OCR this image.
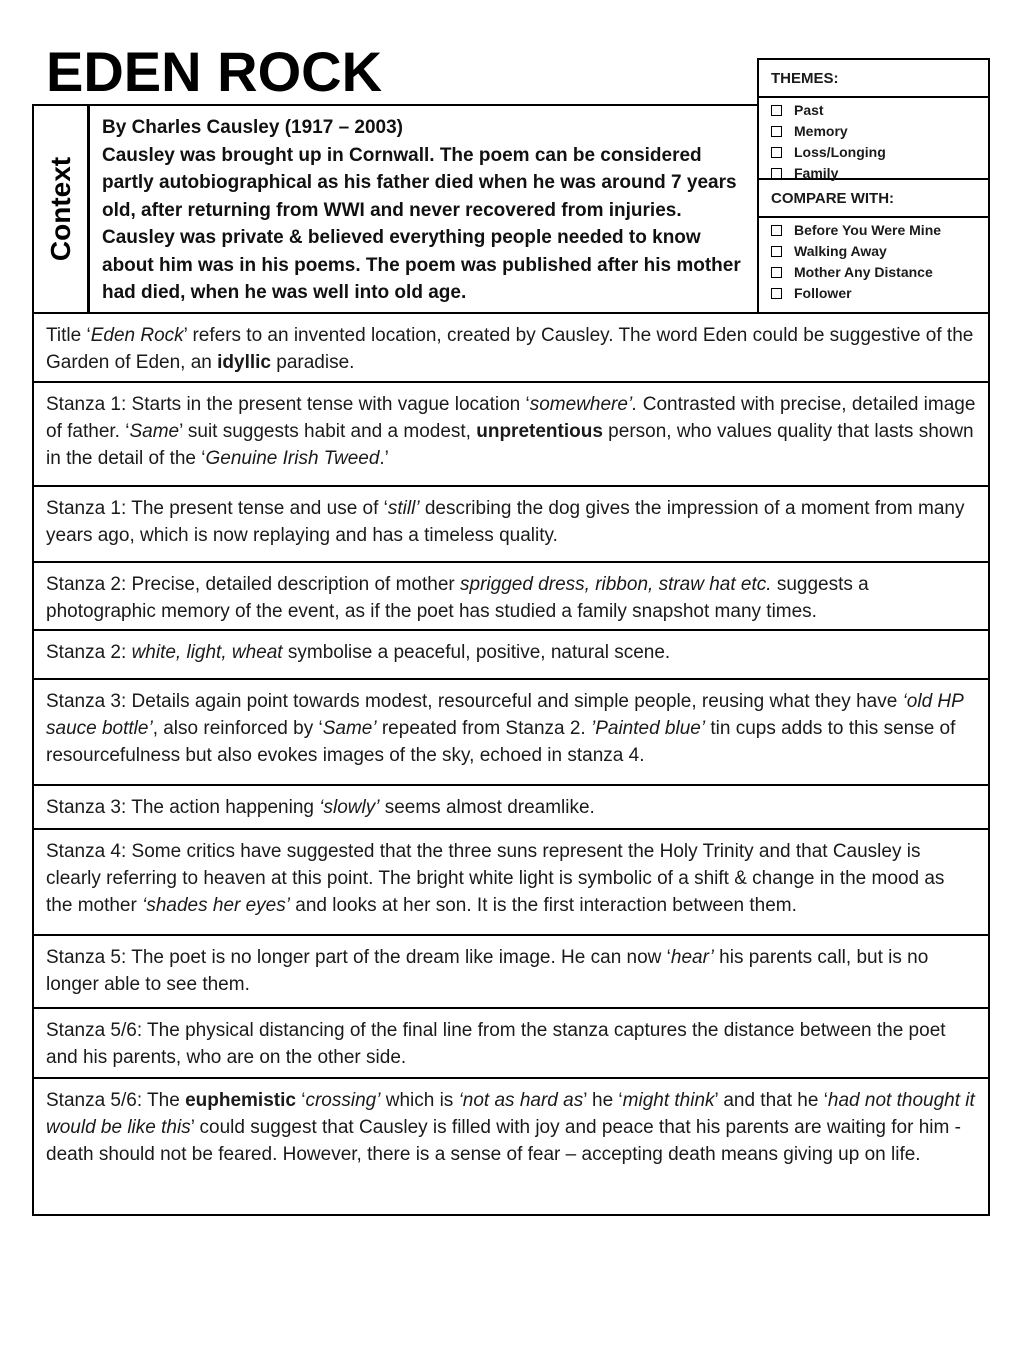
EDEN ROCK
Context

By Charles Causley (1917 – 2003)

Causley was brought up in Cornwall. The poem can be considered partly autobiographical as his father died when he was around 7 years old, after returning from WWI and never recovered from injuries. Causley was private & believed everything people needed to know about him was in his poems. The poem was published after his mother had died, when he was well into old age.

THEMES:
Past
Memory
Loss/Longing
Family
COMPARE WITH:
Before You Were Mine
Walking Away
Mother Any Distance
Follower
Title ‘Eden Rock’ refers to an invented location, created by Causley. The word Eden could be suggestive of the Garden of Eden, an idyllic paradise.
Stanza 1: Starts in the present tense with vague location ‘somewhere’. Contrasted with precise, detailed image of father. ‘Same’ suit suggests habit and a modest, unpretentious person, who values quality that lasts shown in the detail of the ‘Genuine Irish Tweed.’
Stanza 1: The present tense and use of ‘still’ describing the dog gives the impression of a moment from many years ago, which is now replaying and has a timeless quality.
Stanza 2: Precise, detailed description of mother sprigged dress, ribbon, straw hat etc. suggests a photographic memory of the event, as if the poet has studied a family snapshot many times.
Stanza 2: white, light, wheat symbolise a peaceful, positive, natural scene.
Stanza 3: Details again point towards modest, resourceful and simple people, reusing what they have ‘old HP sauce bottle’, also reinforced by ‘Same’ repeated from Stanza 2. ’Painted blue’ tin cups adds to this sense of resourcefulness but also evokes images of the sky, echoed in stanza 4.
Stanza 3: The action happening ‘slowly’ seems almost dreamlike.
Stanza 4: Some critics have suggested that the three suns represent the Holy Trinity and that Causley is clearly referring to heaven at this point. The bright white light is symbolic of a shift & change in the mood as the mother ‘shades her eyes’ and looks at her son. It is the first interaction between them.
Stanza 5: The poet is no longer part of the dream like image. He can now ‘hear’ his parents call, but is no longer able to see them.
Stanza 5/6: The physical distancing of the final line from the stanza captures the distance between the poet and his parents, who are on the other side.
Stanza 5/6: The euphemistic ‘crossing’ which is ‘not as hard as’ he ‘might think’ and that he ‘had not thought it would be like this’ could suggest that Causley is filled with joy and peace that his parents are waiting for him - death should not be feared. However, there is a sense of fear – accepting death means giving up on life.
